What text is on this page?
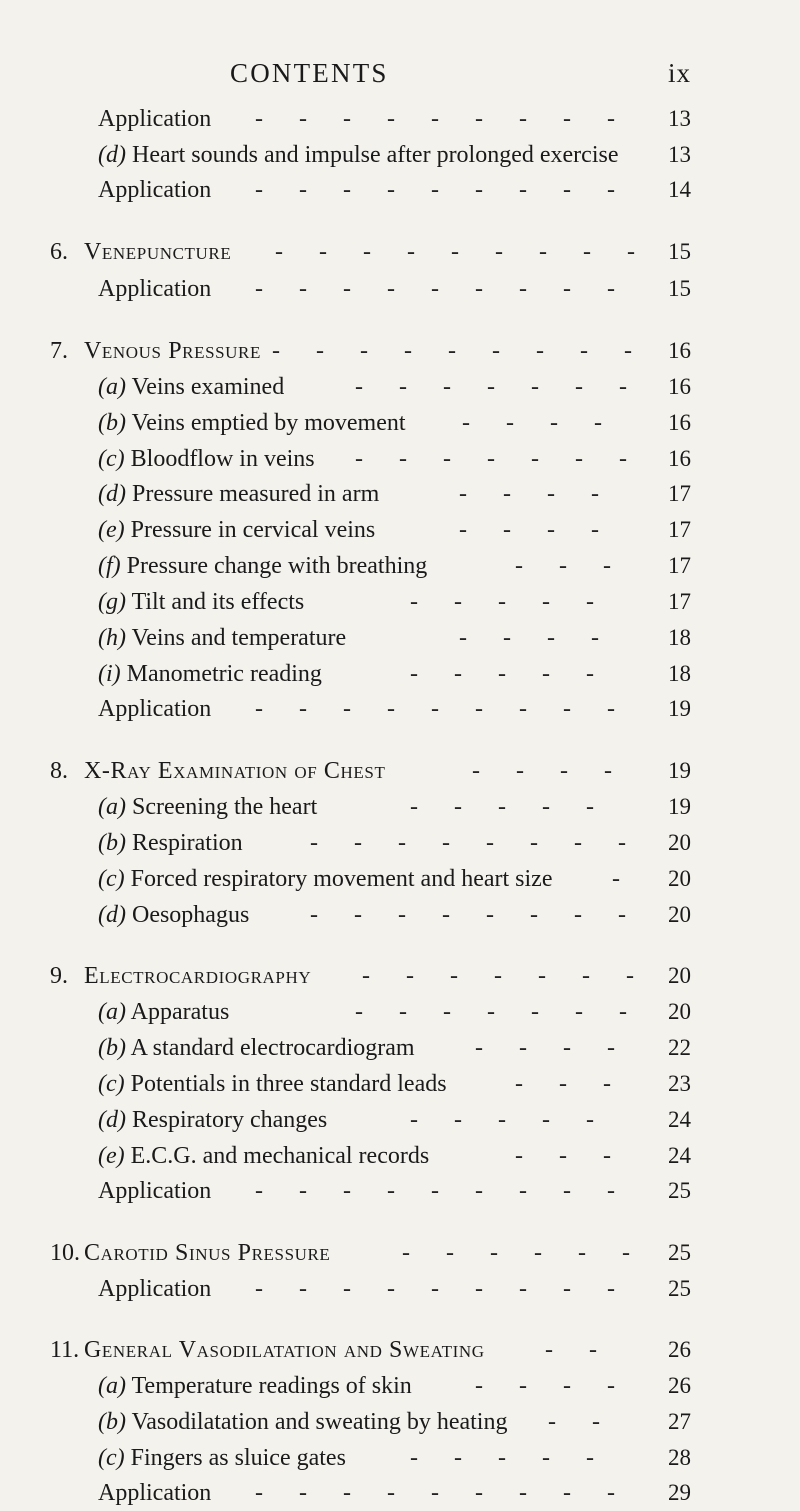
CONTENTS	ix
Application - - - - - - - - - 13
(d) Heart sounds and impulse after prolonged exercise 13
Application - - - - - - - - - 14
6. Venepuncture - - - - - - - - - 15
Application - - - - - - - - - 15
7. Venous Pressure - - - - - - - - - 16
(a) Veins examined	- - - - - - - 16
(b) Veins emptied by movement - - - - 16
(c) Bloodflow in veins - - - - - - - 16
(d) Pressure measured in arm	- - - - 17
(e) Pressure in cervical veins	- - - - 17
(f) Pressure change with breathing	- - - 17
(g) Tilt and its effects	- - - - -	17
(h) Veins and temperature	- - - - 18
(i) Manometric reading	- - - - -	18
Application - - - - - - - - - 19
8. X-Ray Examination of Chest	- - - - 19
(a) Screening the heart	- - - - -	19
(b) Respiration	- - - - - - - - 20
(c) Forced respiratory movement and heart size - 20
(d) Oesophagus	- - - - - - - - 20
9. Electrocardiography - - - - - - - 20
(a) Apparatus	- - - - - - - 20
(b) A standard electrocardiogram	- - - - 22
(c) Potentials in three standard leads	- - - 23
(d) Respiratory changes	- - - - -	24
(e) E.C.G. and mechanical records	- - - 24
Application - - - - - - - - - 25
10. Carotid Sinus Pressure	- - - - - - 25
Application - - - - - - - - - 25
11. General Vasodilatation and Sweating	- - 26
(a) Temperature readings of skin	- - - - 26
(b) Vasodilatation and sweating by heating - - 27
(c) Fingers as sluice gates	- - - - -	28
Application - - - - - - - - - 29
